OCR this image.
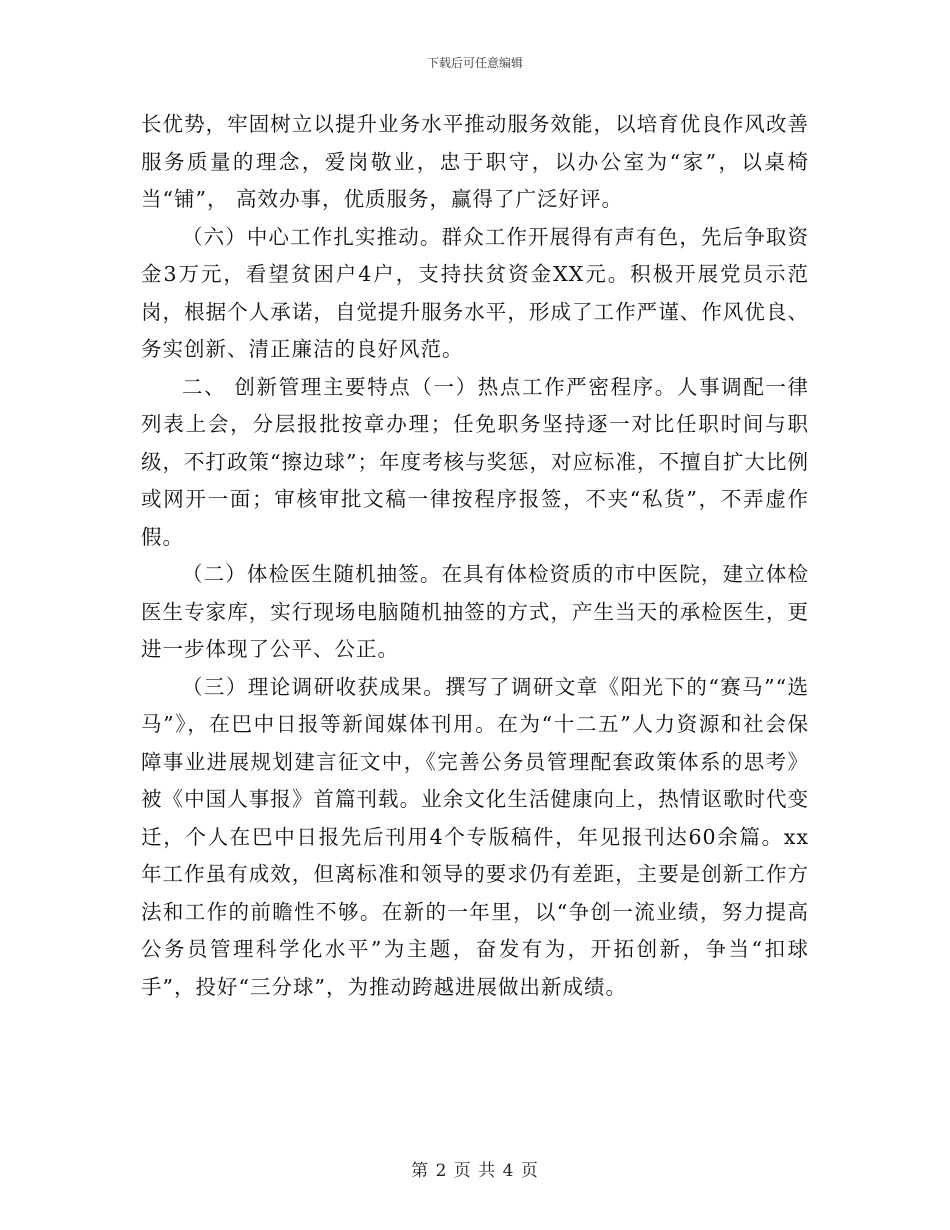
下载后可任意编辑

长优势，牢固树立以提升业务水平推动服务效能，以培育优良作风改善服务质量的理念，爱岗敬业，忠于职守，以办公室为“家”，以桌椅当“铺”， 高效办事，优质服务，赢得了广泛好评。

（六）中心工作扎实推动。群众工作开展得有声有色，先后争取资金3万元，看望贫困户4户，支持扶贫资金XX元。积极开展党员示范岗，根据个人承诺，自觉提升服务水平，形成了工作严谨、作风优良、务实创新、清正廉洁的良好风范。

二、 创新管理主要特点（一）热点工作严密程序。人事调配一律列表上会，分层报批按章办理；任免职务坚持逐一对比任职时间与职级，不打政策“擦边球”；年度考核与奖惩，对应标准，不擅自扩大比例或网开一面；审核审批文稿一律按程序报签，不夹“私货”，不弄虚作假。

（二）体检医生随机抽签。在具有体检资质的市中医院，建立体检医生专家库，实行现场电脑随机抽签的方式，产生当天的承检医生，更进一步体现了公平、公正。

（三）理论调研收获成果。撰写了调研文章《阳光下的“赛马”“选马”》，在巴中日报等新闻媒体刊用。在为“十二五”人力资源和社会保障事业进展规划建言征文中，《完善公务员管理配套政策体系的思考》被《中国人事报》首篇刊载。业余文化生活健康向上，热情讴歌时代变迁，个人在巴中日报先后刊用4个专版稿件，年见报刊达60余篇。xx年工作虽有成效，但离标准和领导的要求仍有差距，主要是创新工作方法和工作的前瞻性不够。在新的一年里，以“争创一流业绩，努力提高公务员管理科学化水平”为主题，奋发有为，开拓创新，争当“扣球手”，投好“三分球”，为推动跨越进展做出新成绩。

第 2 页 共 4 页
